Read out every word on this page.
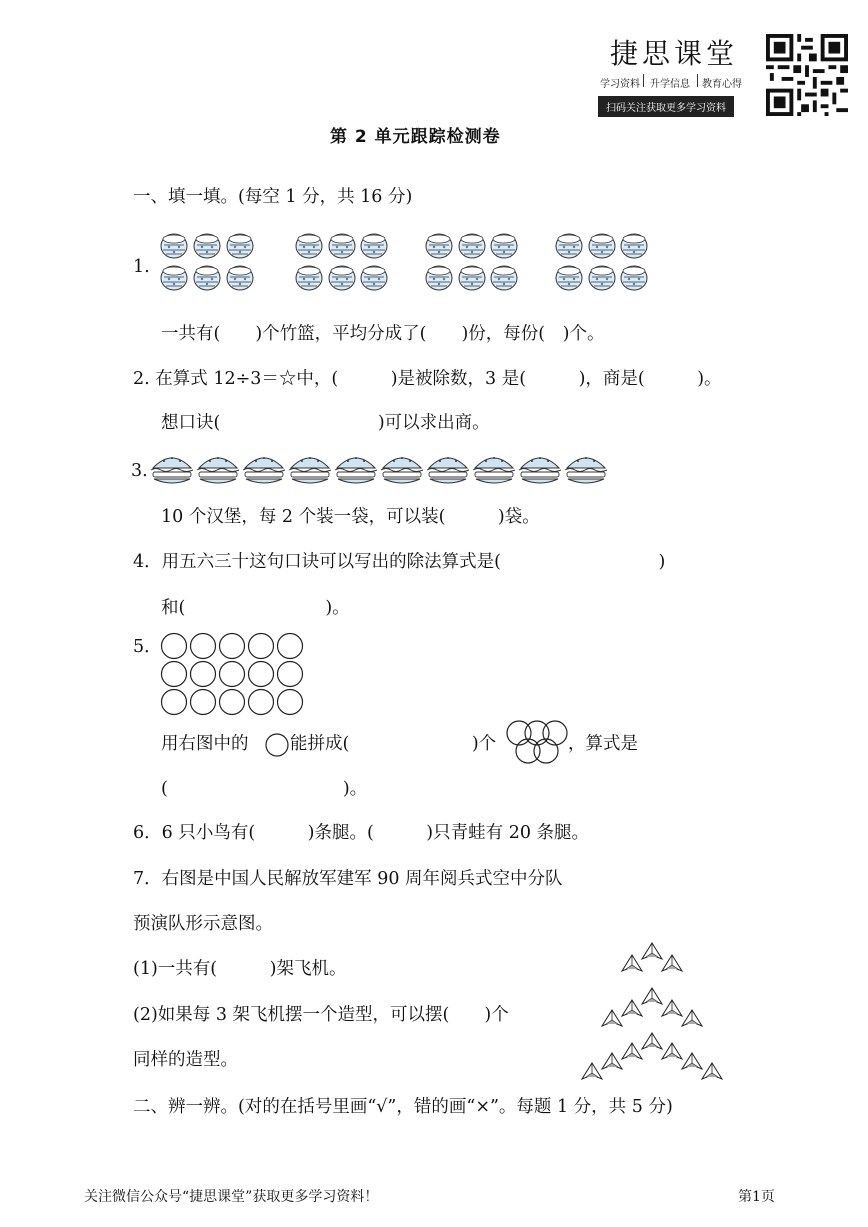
捷思课堂
学习资料 升学信息 教育心得
扫码关注获取更多学习资料
第 2 单元跟踪检测卷
一、填一填。(每空 1 分，共 16 分)
1.
一共有(　　)个竹篮，平均分成了(　　)份，每份(　)个。
2. 在算式 12÷3＝☆中，(　　　)是被除数，3 是(　　　)，商是(　　　)。
想口诀(　　　　　　　　　)可以求出商。
3.
10 个汉堡，每 2 个装一袋，可以装(　　　)袋。
4．用五六三十这句口诀可以写出的除法算式是(　　　　　　　　　)
和(　　　　　　　　)。
5．
用右图中的 能拼成(　　　　　　　)个	，算式是
(　　　　　　　　　　)。
6．6 只小鸟有(　　　)条腿。(　　　)只青蛙有 20 条腿。
7．右图是中国人民解放军建军 90 周年阅兵式空中分队
预演队形示意图。
(1)一共有(　　　)架飞机。
(2)如果每 3 架飞机摆一个造型，可以摆(　　)个
同样的造型。
二、辨一辨。(对的在括号里画“√”，错的画“×”。每题 1 分，共 5 分)
关注微信公众号“捷思课堂”获取更多学习资料！	第1页
